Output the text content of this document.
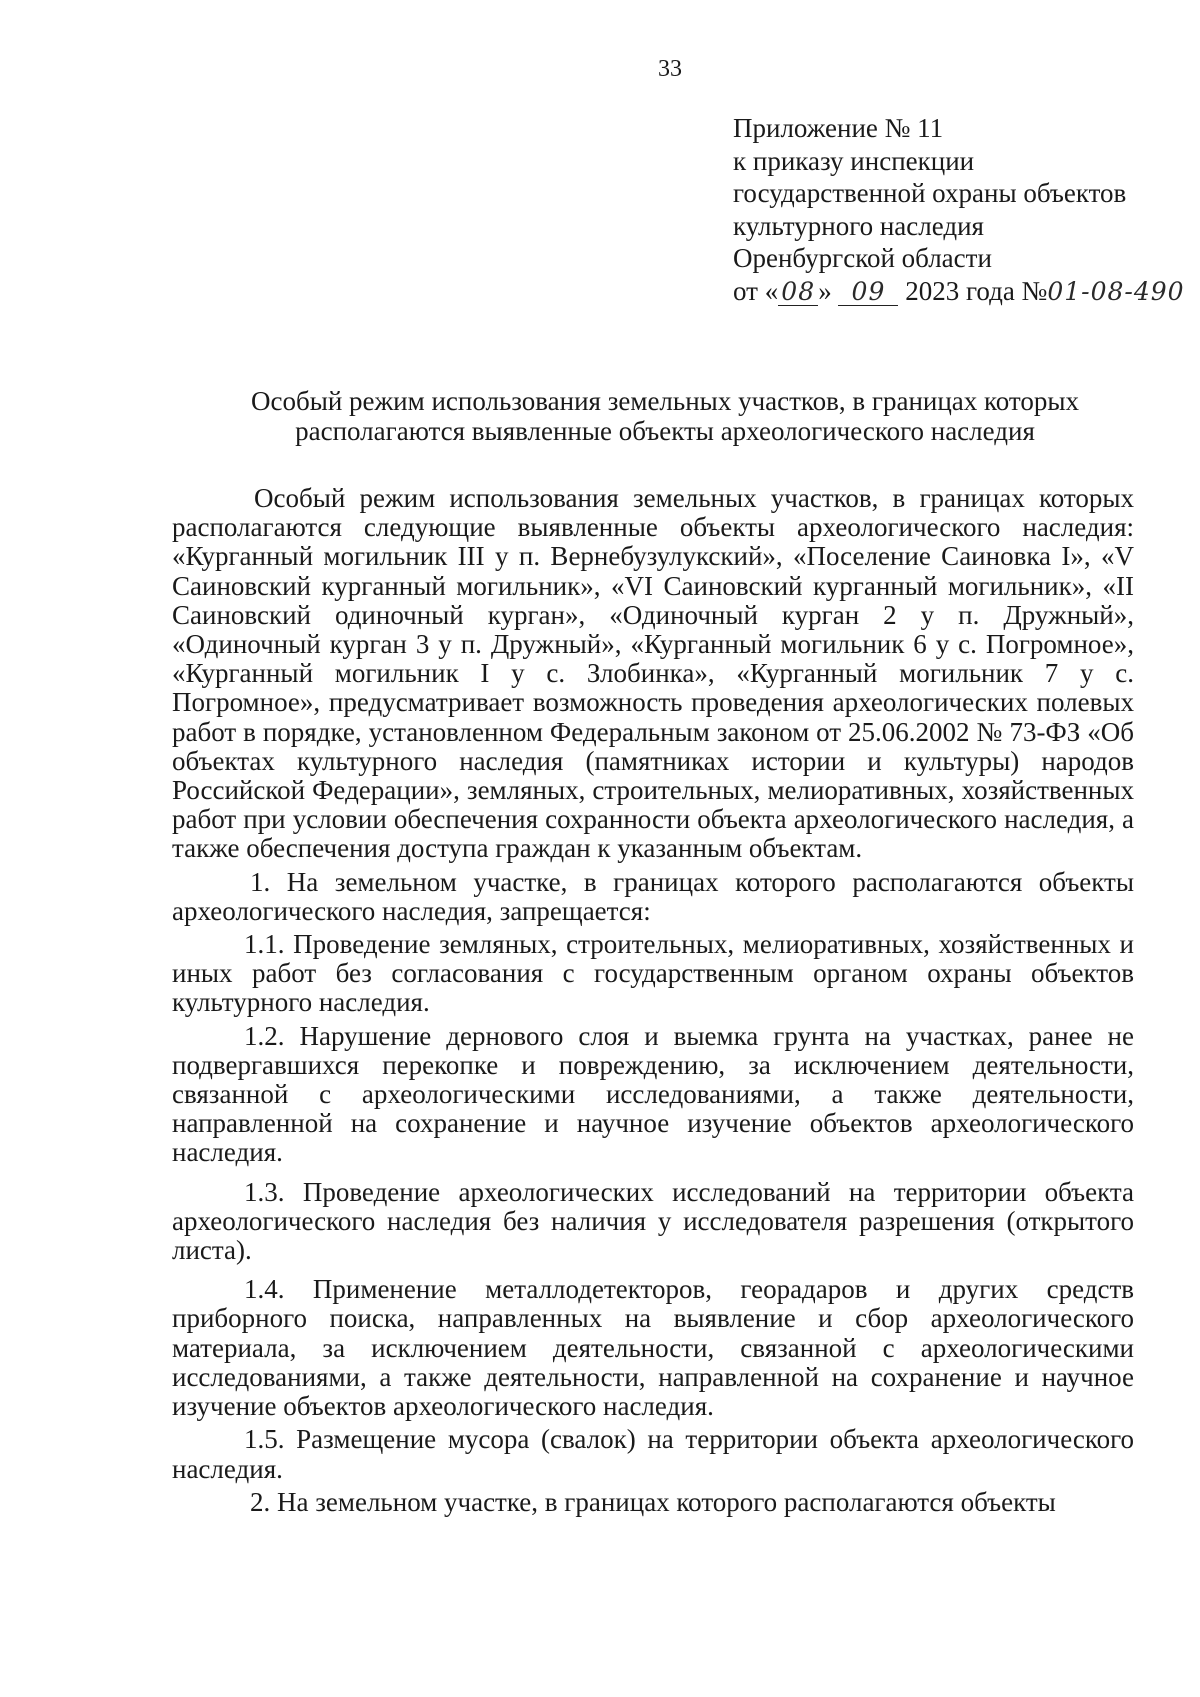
33
Приложение № 11
к приказу инспекции
государственной охраны объектов
культурного наследия
Оренбургской области
от « 08 » 09 2023 года №01-08-490
Особый режим использования земельных участков, в границах которых
располагаются выявленные объекты археологического наследия

Особый режим использования земельных участков, в границах которых располагаются следующие выявленные объекты археологического наследия: «Курганный могильник III у п. Вернебузулукский», «Поселение Саиновка I», «V Саиновский курганный могильник», «VI Саиновский курганный могильник», «II Саиновский одиночный курган», «Одиночный курган 2 у п. Дружный», «Одиночный курган 3 у п. Дружный», «Курганный могильник 6 у с. Погромное», «Курганный могильник I у с. Злобинка», «Курганный могильник 7 у с. Погромное», предусматривает возможность проведения археологических полевых работ в порядке, установленном Федеральным законом от 25.06.2002 № 73-ФЗ «Об объектах культурного наследия (памятниках истории и культуры) народов Российской Федерации», земляных, строительных, мелиоративных, хозяйственных работ при условии обеспечения сохранности объекта археологического наследия, а также обеспечения доступа граждан к указанным объектам.

1. На земельном участке, в границах которого располагаются объекты археологического наследия, запрещается:

1.1. Проведение земляных, строительных, мелиоративных, хозяйственных и иных работ без согласования с государственным органом охраны объектов культурного наследия.

1.2. Нарушение дернового слоя и выемка грунта на участках, ранее не подвергавшихся перекопке и повреждению, за исключением деятельности, связанной с археологическими исследованиями, а также деятельности, направленной на сохранение и научное изучение объектов археологического наследия.

1.3. Проведение археологических исследований на территории объекта археологического наследия без наличия у исследователя разрешения (открытого листа).

1.4. Применение металлодетекторов, георадаров и других средств приборного поиска, направленных на выявление и сбор археологического материала, за исключением деятельности, связанной с археологическими исследованиями, а также деятельности, направленной на сохранение и научное изучение объектов археологического наследия.

1.5. Размещение мусора (свалок) на территории объекта археологического наследия.

2. На земельном участке, в границах которого располагаются объекты
